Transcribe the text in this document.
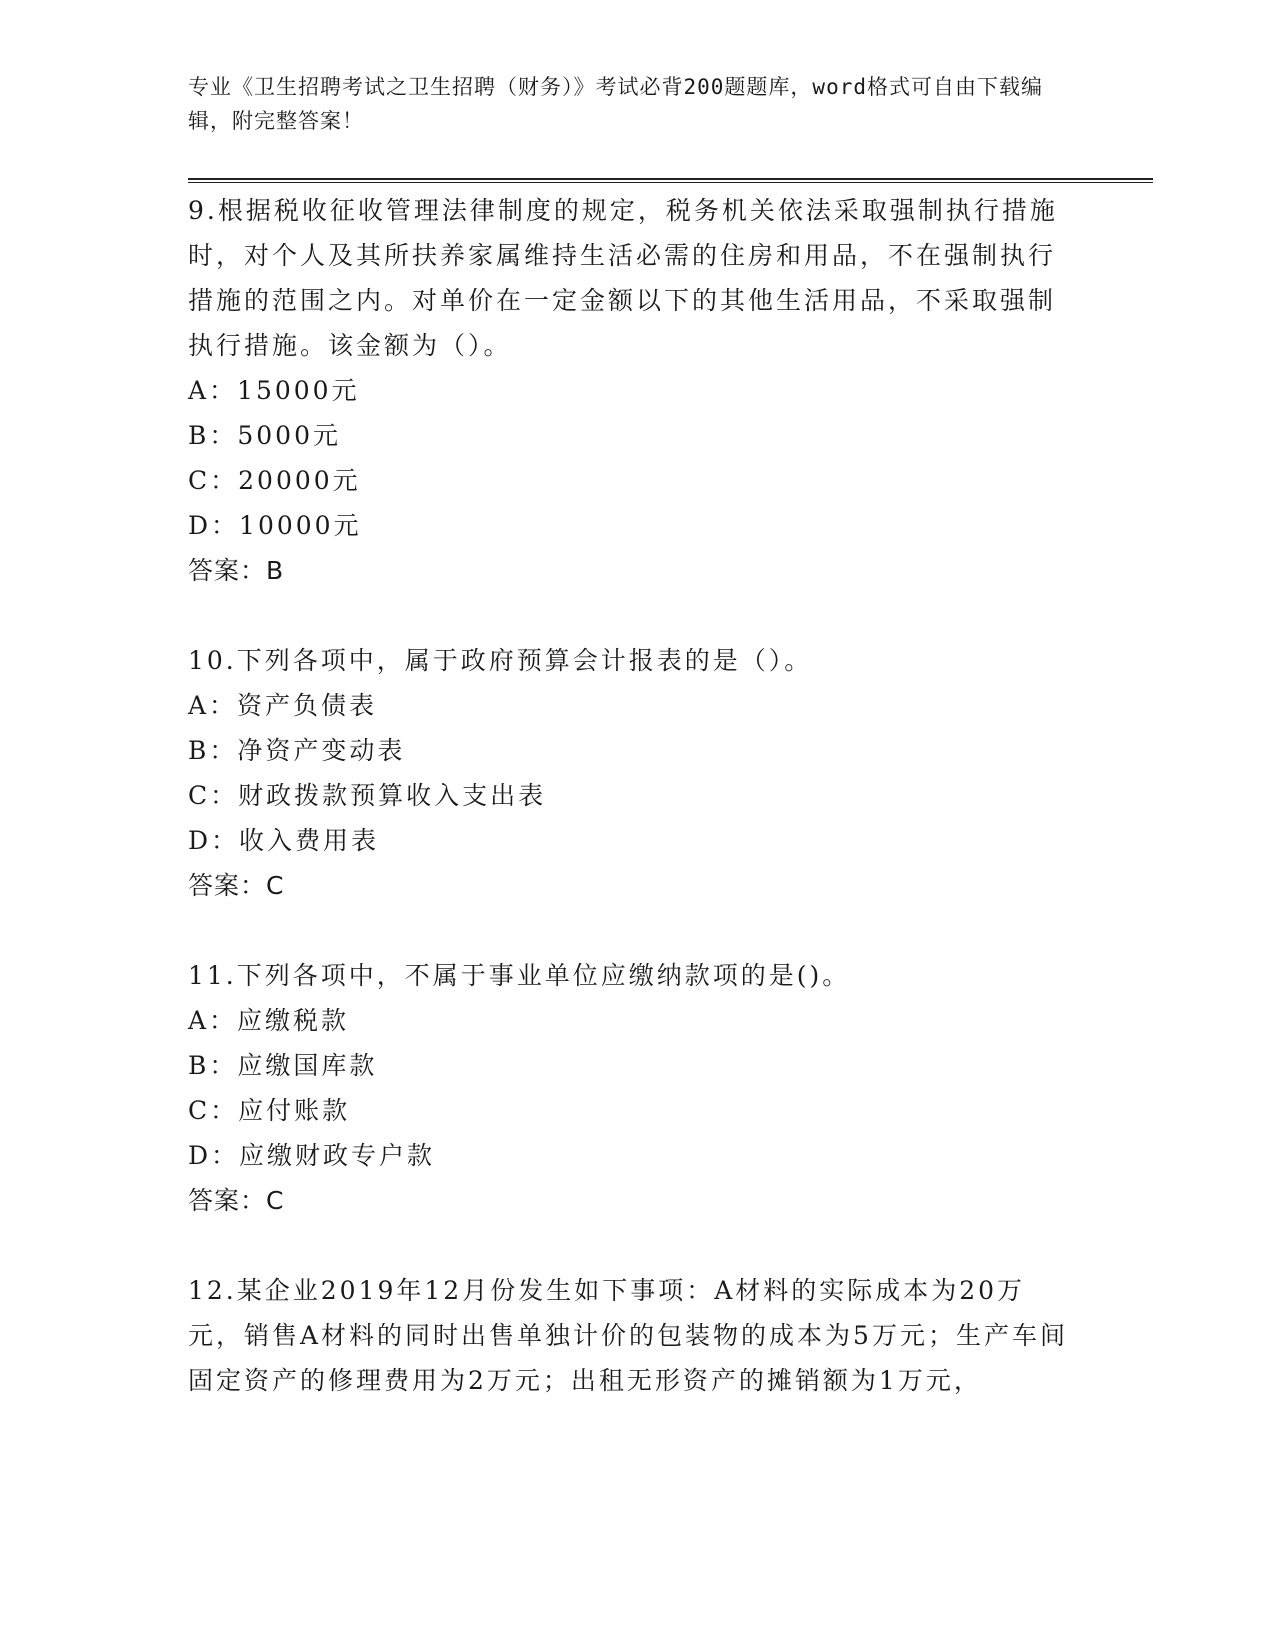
专业《卫生招聘考试之卫生招聘（财务）》考试必背200题题库，word格式可自由下载编辑，附完整答案！

9.根据税收征收管理法律制度的规定，税务机关依法采取强制执行措施时，对个人及其所扶养家属维持生活必需的住房和用品，不在强制执行措施的范围之内。对单价在一定金额以下的其他生活用品，不采取强制执行措施。该金额为（）。

A：15000元

B：5000元

C：20000元

D：10000元

答案：B

10.下列各项中，属于政府预算会计报表的是（）。

A：资产负债表

B：净资产变动表

C：财政拨款预算收入支出表

D：收入费用表

答案：C

11.下列各项中，不属于事业单位应缴纳款项的是()。

A：应缴税款

B：应缴国库款

C：应付账款

D：应缴财政专户款

答案：C

12.某企业2019年12月份发生如下事项：A材料的实际成本为20万元，销售A材料的同时出售单独计价的包装物的成本为5万元；生产车间固定资产的修理费用为2万元；出租无形资产的摊销额为1万元，
